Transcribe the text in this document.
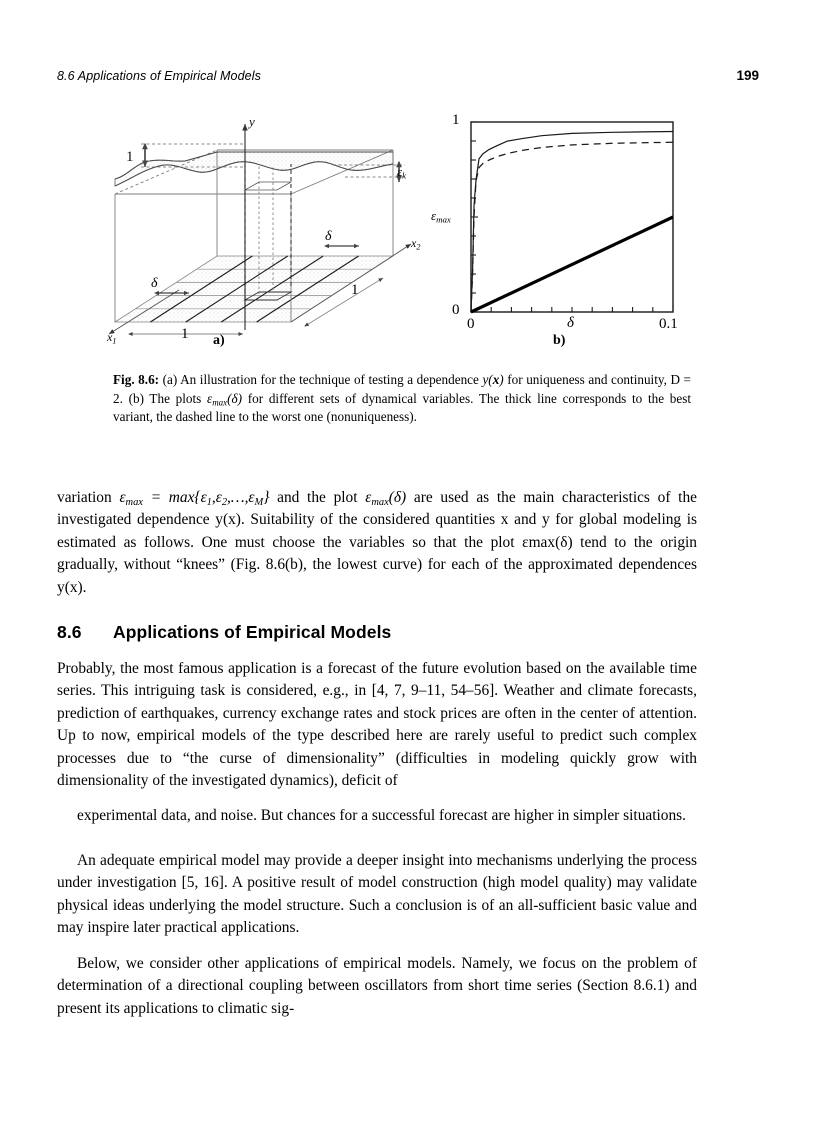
8.6 Applications of Empirical Models	199
y
1
$\varepsilon_k$
δ
δ
$x_1$
$x_2$
1
1
1
0
0	0.1
$\varepsilon_{max}$
δ
a)	b)
Fig. 8.6: (a) An illustration for the technique of testing a dependence y(x) for uniqueness and continuity, D = 2. (b) The plots $\varepsilon_{max}(\delta)$ for different sets of dynamical variables. The thick line corresponds to the best variant, the dashed line to the worst one (nonuniqueness).

variation $\varepsilon_{max}$ = $\max\{\varepsilon_1,\varepsilon_2,\dots,\varepsilon_M\}$ and the plot $\varepsilon_{max}(\delta)$ are used as the main characteristics of the investigated dependence y(x). Suitability of the considered quantities x and y for global modeling is estimated as follows. One must choose the variables so that the plot εmax(δ) tend to the origin gradually, without “knees” (Fig. 8.6(b), the lowest curve) for each of the approximated dependences y(x).

8.6 Applications of Empirical Models

Probably, the most famous application is a forecast of the future evolution based on the available time series. This intriguing task is considered, e.g., in [4, 7, 9–11, 54–56]. Weather and climate forecasts, prediction of earthquakes, currency exchange rates and stock prices are often in the center of attention. Up to now, empirical models of the type described here are rarely useful to predict such complex processes due to “the curse of dimensionality” (difficulties in modeling quickly grow with dimensionality of the investigated dynamics), deficit of

experimental data, and noise. But chances for a successful forecast are higher in simpler situations.

An adequate empirical model may provide a deeper insight into mechanisms underlying the process under investigation [5, 16]. A positive result of model construction (high model quality) may validate physical ideas underlying the model structure. Such a conclusion is of an all-sufficient basic value and may inspire later practical applications.

Below, we consider other applications of empirical models. Namely, we focus on the problem of determination of a directional coupling between oscillators from short time series (Section 8.6.1) and present its applications to climatic sig-
